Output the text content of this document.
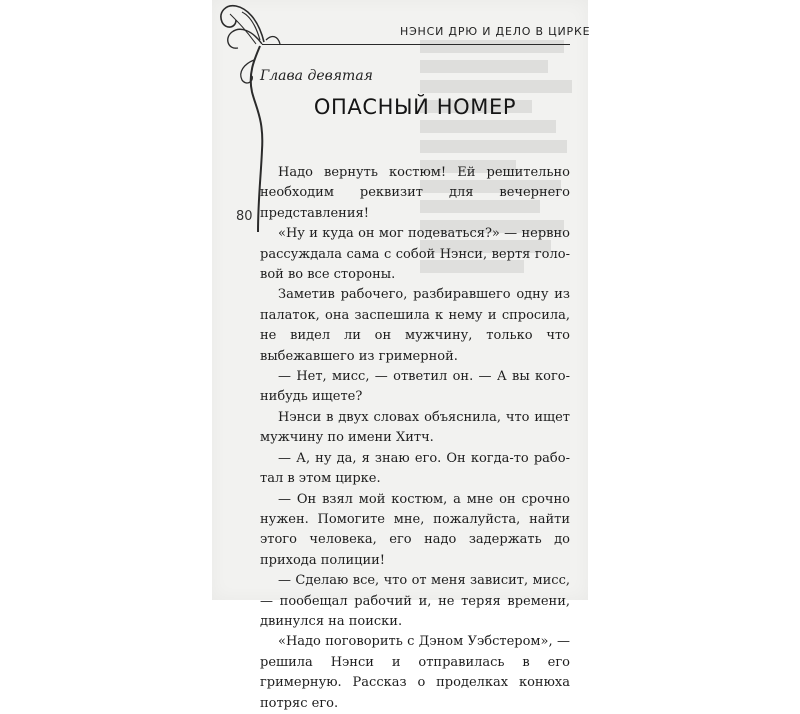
НЭНСИ ДРЮ И ДЕЛО В ЦИРКЕ
80
Глава девятая
ОПАСНЫЙ НОМЕР

Надо вернуть костюм! Ей решительно необходим реквизит для вечернего представления!

«Ну и куда он мог подеваться?» — нервно рассуждала сама с собой Нэнси, вертя головой во все стороны.

Заметив рабочего, разбиравшего одну из палаток, она заспешила к нему и спросила, не видел ли он мужчину, только что выбежавшего из гримерной.

— Нет, мисс, — ответил он. — А вы кого-нибудь ищете?

Нэнси в двух словах объяснила, что ищет мужчину по имени Хитч.

— А, ну да, я знаю его. Он когда-то работал в этом цирке.

— Он взял мой костюм, а мне он срочно нужен. Помогите мне, пожалуйста, найти этого человека, его надо задержать до прихода полиции!

— Сделаю все, что от меня зависит, мисс, — пообещал рабочий и, не теряя времени, двинулся на поиски.

«Надо поговорить с Дэном Уэбстером», — решила Нэнси и отправилась в его гримерную. Рассказ о проделках конюха потряс его.
